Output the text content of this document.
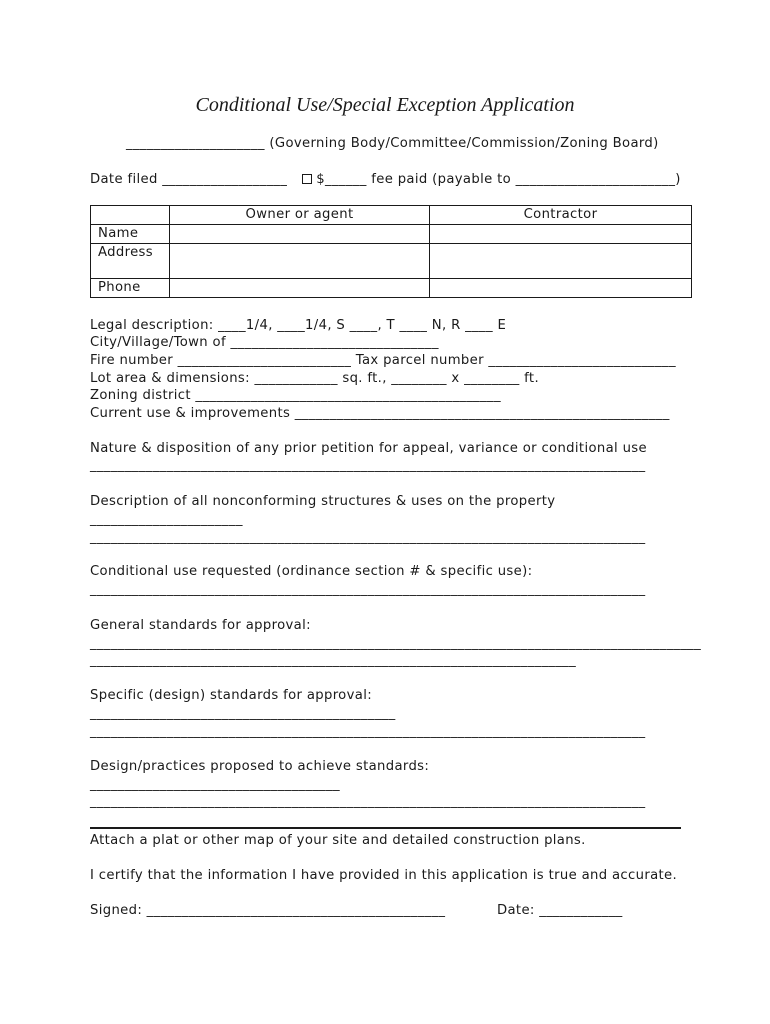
Conditional Use/Special Exception Application
____________________ (Governing Body/Committee/Commission/Zoning Board)
Date filed __________________ $______ fee paid (payable to _______________________)
	Owner or agent	Contractor
Name		
Address		
Phone		
Legal description: ____1/4, ____1/4, S ____, T ____ N, R ____ E
City/Village/Town of ______________________________
Fire number _________________________ Tax parcel number ___________________________
Lot area & dimensions: ____________ sq. ft., ________ x ________ ft.
Zoning district ____________________________________________
Current use & improvements ______________________________________________________
Nature & disposition of any prior petition for appeal, variance or conditional use
________________________________________________________________________________
Description of all nonconforming structures & uses on the property
______________________
________________________________________________________________________________
Conditional use requested (ordinance section # & specific use):
________________________________________________________________________________
General standards for approval:
________________________________________________________________________________________
______________________________________________________________________
Specific (design) standards for approval:
____________________________________________
________________________________________________________________________________
Design/practices proposed to achieve standards:
____________________________________
________________________________________________________________________________
Attach a plat or other map of your site and detailed construction plans.
I certify that the information I have provided in this application is true and accurate.
Signed: ___________________________________________	Date: ____________
